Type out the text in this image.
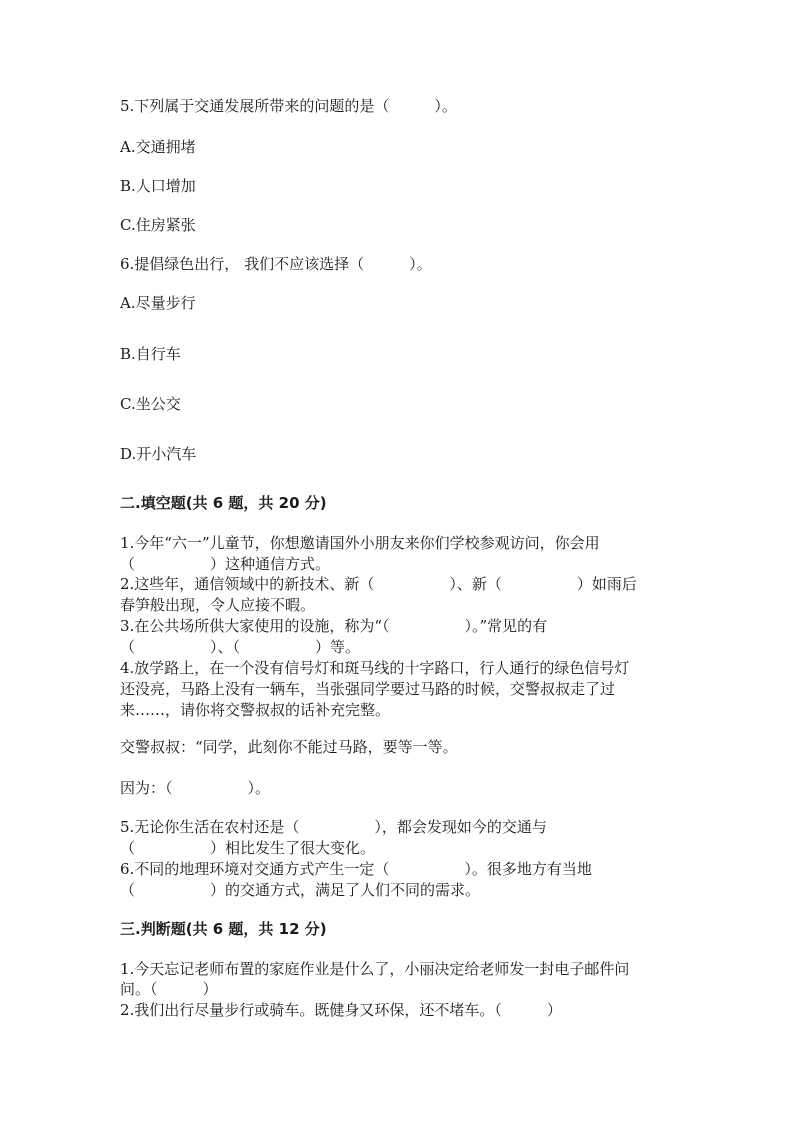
5.下列属于交通发展所带来的问题的是（　　　）。
A.交通拥堵
B.人口增加
C.住房紧张
6.提倡绿色出行， 我们不应该选择（　　　）。
A.尽量步行
B.自行车
C.坐公交
D.开小汽车
二.填空题(共 6 题，共 20 分)
1.今年“六一”儿童节，你想邀请国外小朋友来你们学校参观访问，你会用
（　　　　　）这种通信方式。
2.这些年，通信领域中的新技术、新（　　　　　）、新（　　　　　）如雨后
春笋般出现，令人应接不暇。
3.在公共场所供大家使用的设施，称为“（　　　　　）。”常见的有
（　　　　　）、（　　　　　）等。
4.放学路上，在一个没有信号灯和斑马线的十字路口，行人通行的绿色信号灯
还没亮，马路上没有一辆车，当张强同学要过马路的时候，交警叔叔走了过
来……，请你将交警叔叔的话补充完整。
交警叔叔：“同学，此刻你不能过马路，要等一等。
因为：（　　　　　）。
5.无论你生活在农村还是（　　　　　），都会发现如今的交通与
（　　　　　）相比发生了很大变化。
6.不同的地理环境对交通方式产生一定（　　　　　）。很多地方有当地
（　　　　　）的交通方式，满足了人们不同的需求。
三.判断题(共 6 题，共 12 分)
1.今天忘记老师布置的家庭作业是什么了，小丽决定给老师发一封电子邮件问
问。（　　　）
2.我们出行尽量步行或骑车。既健身又环保，还不堵车。（　　　）
